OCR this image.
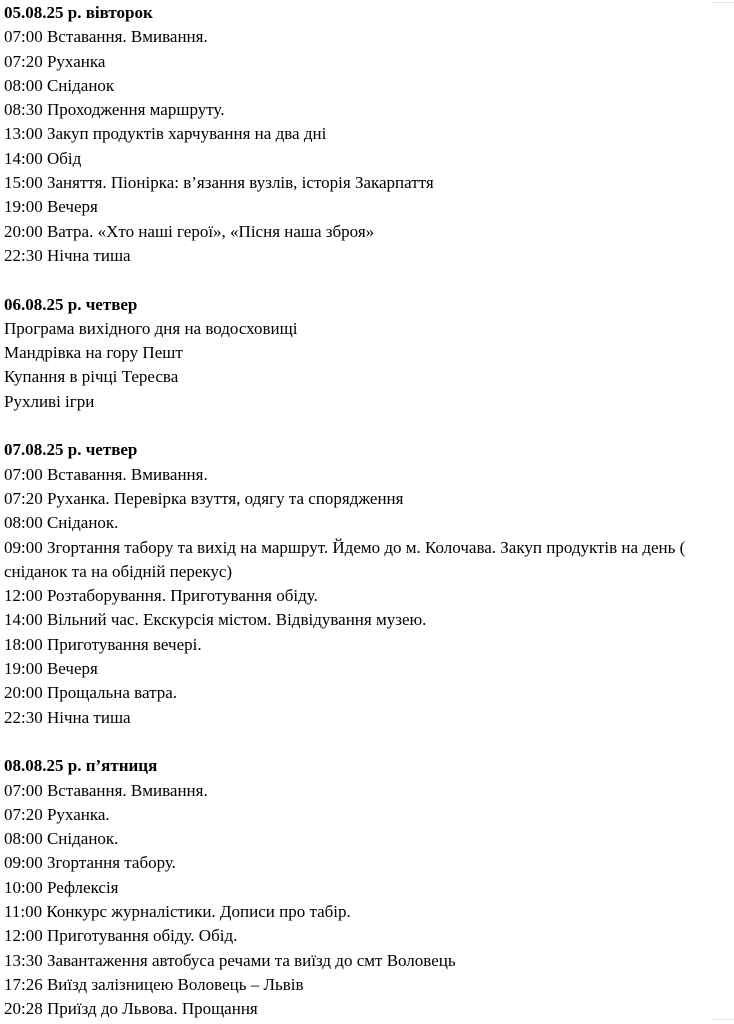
05.08.25 р. вівторок
07:00 Вставання. Вмивання.
07:20 Руханка
08:00 Сніданок
08:30 Проходження маршруту.
13:00 Закуп продуктів харчування на два дні
14:00 Обід
15:00 Заняття. Піонірка: в’язання вузлів, історія Закарпаття
19:00 Вечеря
20:00 Ватра. «Хто наші герої», «Пісня наша зброя»
22:30 Нічна тиша
06.08.25 р. четвер
Програма вихідного дня на водосховищі
Мандрівка на гору Пешт
Купання в річці Тересва
Рухливі ігри
07.08.25 р. четвер
07:00 Вставання. Вмивання.
07:20 Руханка. Перевірка взуття, одягу та спорядження
08:00 Сніданок.
09:00 Згортання табору та вихід на маршрут. Йдемо до м. Колочава. Закуп продуктів на день ( сніданок та на обідній перекус)
12:00 Розтаборування. Приготування обіду.
14:00 Вільний час. Екскурсія містом. Відвідування музею.
18:00 Приготування вечері.
19:00 Вечеря
20:00 Прощальна ватра.
22:30 Нічна тиша
08.08.25 р. п’ятниця
07:00 Вставання. Вмивання.
07:20 Руханка.
08:00 Сніданок.
09:00 Згортання табору.
10:00 Рефлексія
11:00 Конкурс журналістики. Дописи про табір.
12:00 Приготування обіду. Обід.
13:30 Завантаження автобуса речами та виїзд до смт Воловець
17:26 Виїзд залізницею Воловець – Львів
20:28 Приїзд до Львова. Прощання
